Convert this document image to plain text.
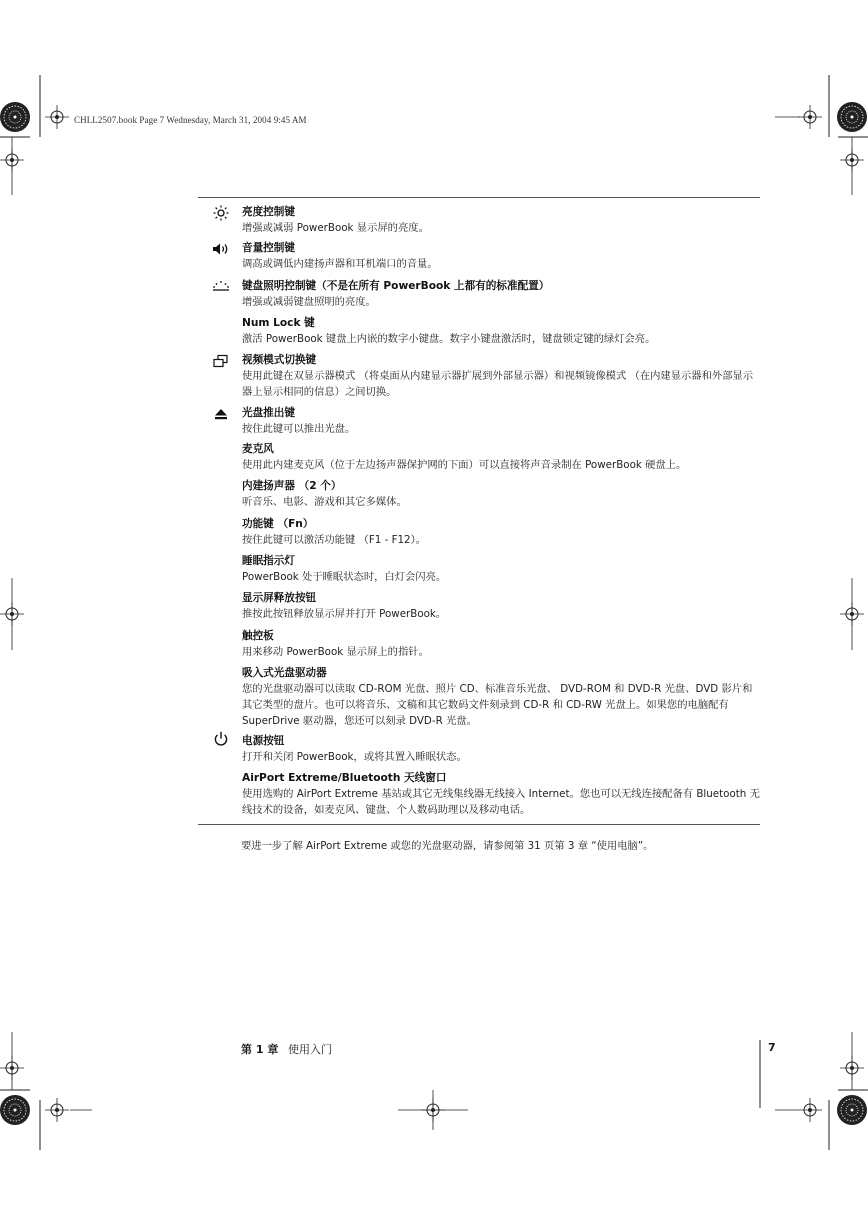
CHLL2507.book Page 7 Wednesday, March 31, 2004 9:45 AM
亮度控制键
增强或减弱 PowerBook 显示屏的亮度。
音量控制键
调高或调低内建扬声器和耳机端口的音量。
键盘照明控制键（不是在所有 PowerBook 上都有的标准配置）
增强或减弱键盘照明的亮度。
Num Lock 键
激活 PowerBook 键盘上内嵌的数字小键盘。数字小键盘激活时，键盘锁定键的绿灯会亮。
视频模式切换键
使用此键在双显示器模式 （将桌面从内建显示器扩展到外部显示器）和视频镜像模式 （在内建显示器和外部显示器上显示相同的信息）之间切换。
光盘推出键
按住此键可以推出光盘。
麦克风
使用此内建麦克风（位于左边扬声器保护网的下面）可以直接将声音录制在 PowerBook 硬盘上。
内建扬声器 （2 个）
听音乐、电影、游戏和其它多媒体。
功能键 （Fn）
按住此键可以激活功能键 （F1 - F12）。
睡眠指示灯
PowerBook 处于睡眠状态时，白灯会闪亮。
显示屏释放按钮
推按此按钮释放显示屏并打开 PowerBook。
触控板
用来移动 PowerBook 显示屏上的指针。
吸入式光盘驱动器
您的光盘驱动器可以读取 CD-ROM 光盘、照片 CD、标准音乐光盘、 DVD-ROM 和 DVD-R 光盘、DVD 影片和其它类型的盘片。也可以将音乐、文稿和其它数码文件刻录到 CD-R 和 CD-RW 光盘上。如果您的电脑配有 SuperDrive 驱动器，您还可以刻录 DVD-R 光盘。
电源按钮
打开和关闭 PowerBook，或将其置入睡眠状态。
AirPort Extreme/Bluetooth 天线窗口
使用选购的 AirPort Extreme 基站或其它无线集线器无线接入 Internet。您也可以无线连接配备有 Bluetooth 无线技术的设备，如麦克风、键盘、个人数码助理以及移动电话。
要进一步了解 AirPort Extreme 或您的光盘驱动器，请参阅第 31 页第 3 章 “使用电脑”。
第 1 章 使用入门	7
